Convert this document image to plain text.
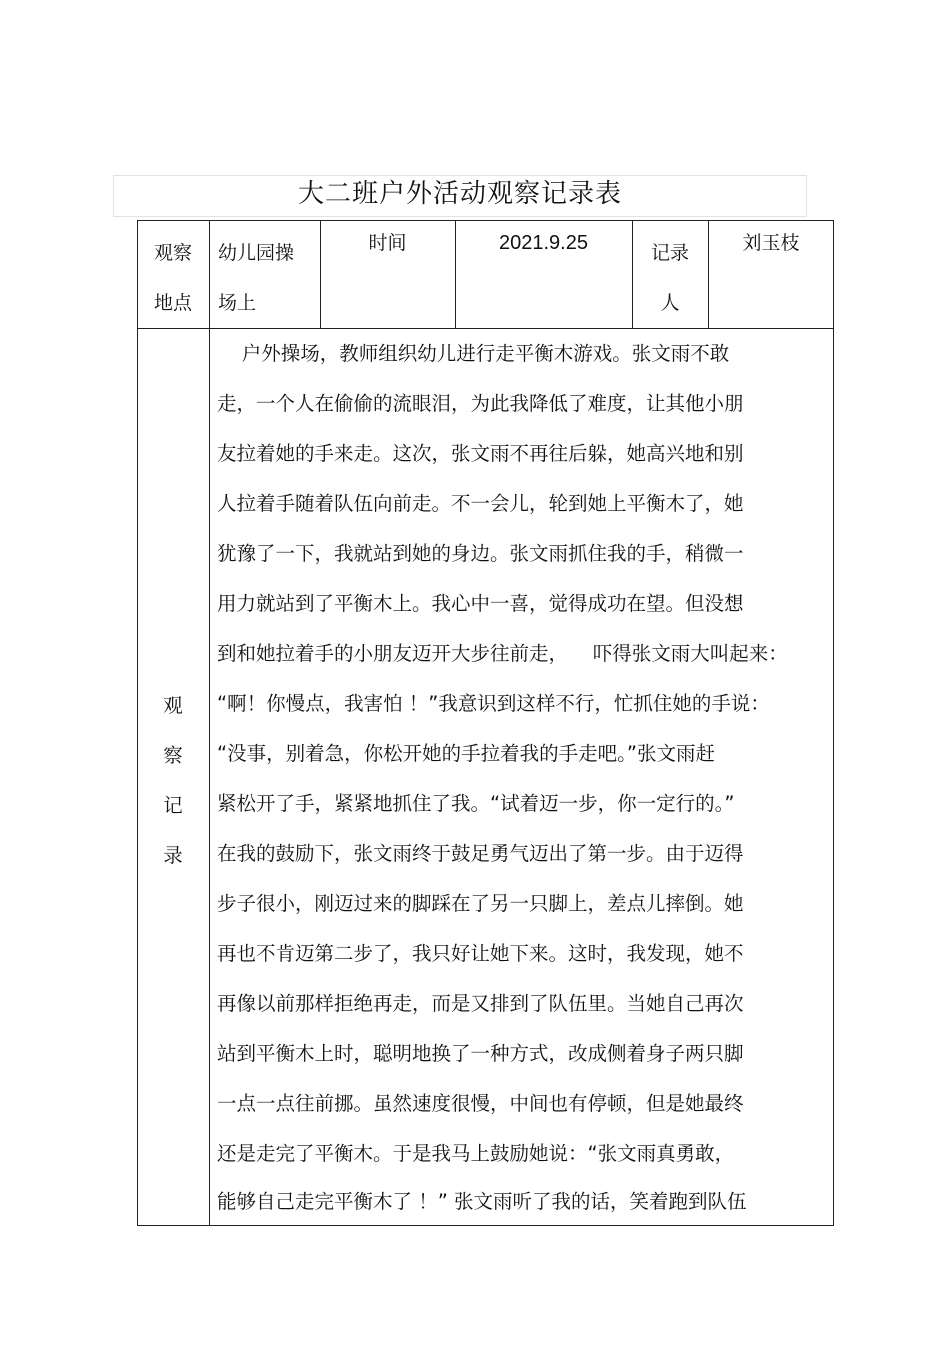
大二班户外活动观察记录表
观察
地点
幼儿园操
场上
时间	2021.9.25	记录
人
刘玉枝
观
察
记
录
户外操场，教师组织幼儿进行走平衡木游戏。张文雨不敢
走，一个人在偷偷的流眼泪，为此我降低了难度，让其他小朋
友拉着她的手来走。这次，张文雨不再往后躲，她高兴地和别
人拉着手随着队伍向前走。不一会儿，轮到她上平衡木了，她
犹豫了一下，我就站到她的身边。张文雨抓住我的手，稍微一
用力就站到了平衡木上。我心中一喜，觉得成功在望。但没想
到和她拉着手的小朋友迈开大步往前走，    吓得张文雨大叫起来：
“啊！你慢点，我害怕 ！”我意识到这样不行，忙抓住她的手说：
“没事，别着急，你松开她的手拉着我的手走吧。”张文雨赶
紧松开了手，紧紧地抓住了我。“试着迈一步，你一定行的。”
在我的鼓励下，张文雨终于鼓足勇气迈出了第一步。由于迈得
步子很小，刚迈过来的脚踩在了另一只脚上，差点儿摔倒。她
再也不肯迈第二步了，我只好让她下来。这时，我发现，她不
再像以前那样拒绝再走，而是又排到了队伍里。当她自己再次
站到平衡木上时，聪明地换了一种方式，改成侧着身子两只脚
一点一点往前挪。虽然速度很慢，中间也有停顿，但是她最终
还是走完了平衡木。于是我马上鼓励她说：“张文雨真勇敢，
能够自己走完平衡木了 ！” 张文雨听了我的话，笑着跑到队伍
